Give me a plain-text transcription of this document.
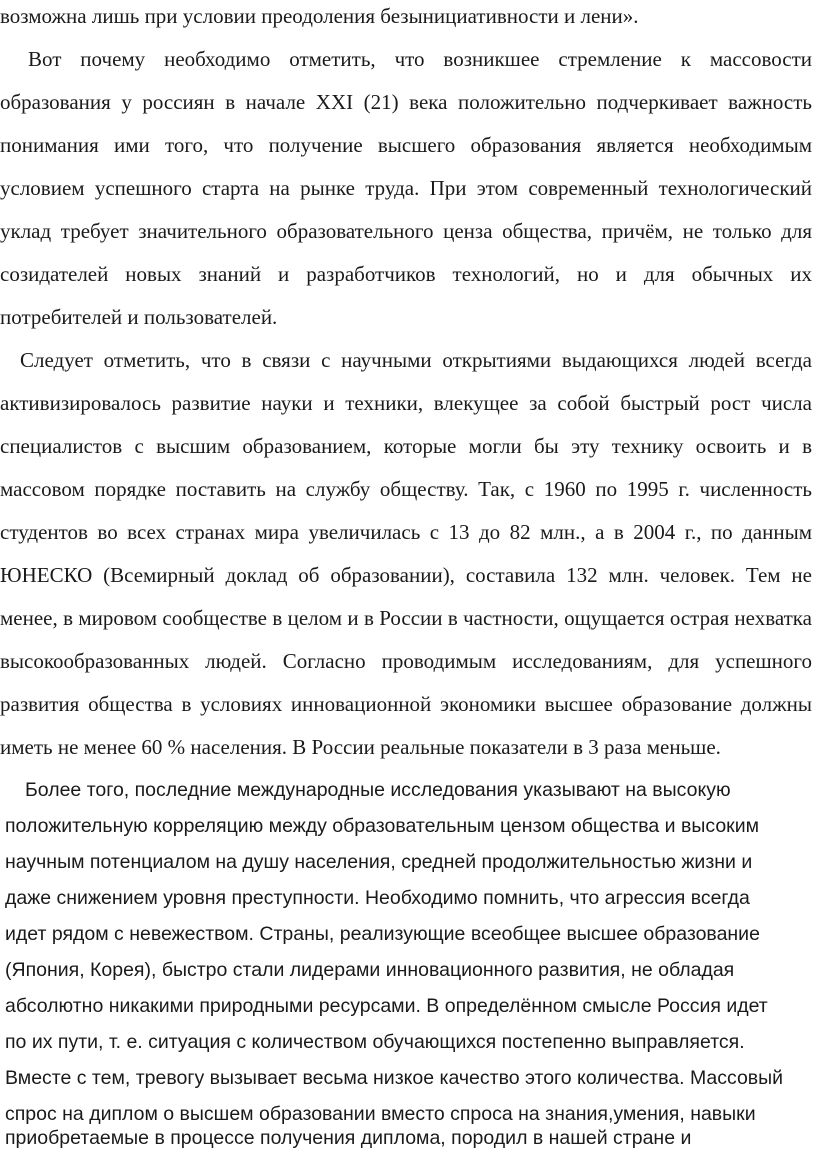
возможна лишь при условии преодоления безынициативности и лени».
Вот почему необходимо отметить, что возникшее стремление к массовости
образования у россиян в начале XXI (21) века положительно подчеркивает важность
понимания ими того, что получение высшего образования является необходимым
условием успешного старта на рынке труда. При этом современный технологический
уклад требует значительного образовательного ценза общества, причём, не только для
созидателей новых знаний и разработчиков технологий, но и для обычных их
потребителей и пользователей.
Следует отметить, что в связи с научными открытиями выдающихся людей всегда
активизировалось развитие науки и техники, влекущее за собой быстрый рост числа
специалистов с высшим образованием, которые могли бы эту технику освоить и в
массовом порядке поставить на службу обществу. Так, с 1960 по 1995 г. численность
студентов во всех странах мира увеличилась с 13 до 82 млн., а в 2004 г., по данным
ЮНЕСКО (Всемирный доклад об образовании), составила 132 млн. человек. Тем не
менее, в мировом сообществе в целом и в России в частности, ощущается острая нехватка
высокообразованных людей. Согласно проводимым исследованиям, для успешного
развития общества в условиях инновационной экономики высшее образование должны
иметь не менее 60 % населения. В России реальные показатели в 3 раза меньше.
Более того, последние международные исследования указывают на высокую
положительную корреляцию между образовательным цензом общества и высоким
научным потенциалом на душу населения, средней продолжительностью жизни и
даже снижением уровня преступности. Необходимо помнить, что агрессия всегда
идет рядом с невежеством. Страны, реализующие всеобщее высшее образование
(Япония, Корея), быстро стали лидерами инновационного развития, не обладая
абсолютно никакими природными ресурсами. В определённом смысле Россия идет
по их пути, т. е. ситуация с количеством обучающихся постепенно выправляется.
Вместе с тем, тревогу вызывает весьма низкое качество этого количества. Массовый
спрос на диплом о высшем образовании вместо спроса на знания,умения, навыки
приобретаемые в процессе получения диплома, породил в нашей стране и
